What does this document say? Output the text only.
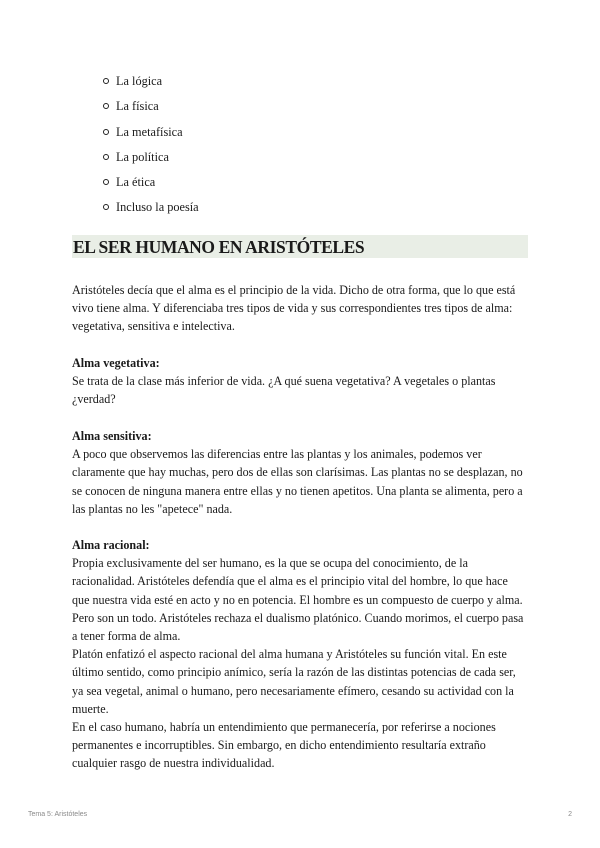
La lógica
La física
La metafísica
La política
La ética
Incluso la poesía
EL SER HUMANO EN ARISTÓTELES

Aristóteles decía que el alma es el principio de la vida. Dicho de otra forma, que lo que está vivo tiene alma. Y diferenciaba tres tipos de vida y sus correspondientes tres tipos de alma: vegetativa, sensitiva e intelectiva.

Alma vegetativa:

Se trata de la clase más inferior de vida. ¿A qué suena vegetativa? A vegetales o plantas ¿verdad?

Alma sensitiva:

A poco que observemos las diferencias entre las plantas y los animales, podemos ver claramente que hay muchas, pero dos de ellas son clarísimas. Las plantas no se desplazan, no se conocen de ninguna manera entre ellas y no tienen apetitos. Una planta se alimenta, pero a las plantas no les "apetece" nada.

Alma racional:

Propia exclusivamente del ser humano, es la que se ocupa del conocimiento, de la racionalidad. Aristóteles defendía que el alma es el principio vital del hombre, lo que hace que nuestra vida esté en acto y no en potencia. El hombre es un compuesto de cuerpo y alma. Pero son un todo. Aristóteles rechaza el dualismo platónico. Cuando morimos, el cuerpo pasa a tener forma de alma.

Platón enfatizó el aspecto racional del alma humana y Aristóteles su función vital. En este último sentido, como principio anímico, sería la razón de las distintas potencias de cada ser, ya sea vegetal, animal o humano, pero necesariamente efímero, cesando su actividad con la muerte.

En el caso humano, habría un entendimiento que permanecería, por referirse a nociones permanentes e incorruptibles. Sin embargo, en dicho entendimiento resultaría extraño cualquier rasgo de nuestra individualidad.

Tema 5: Aristóteles	2
